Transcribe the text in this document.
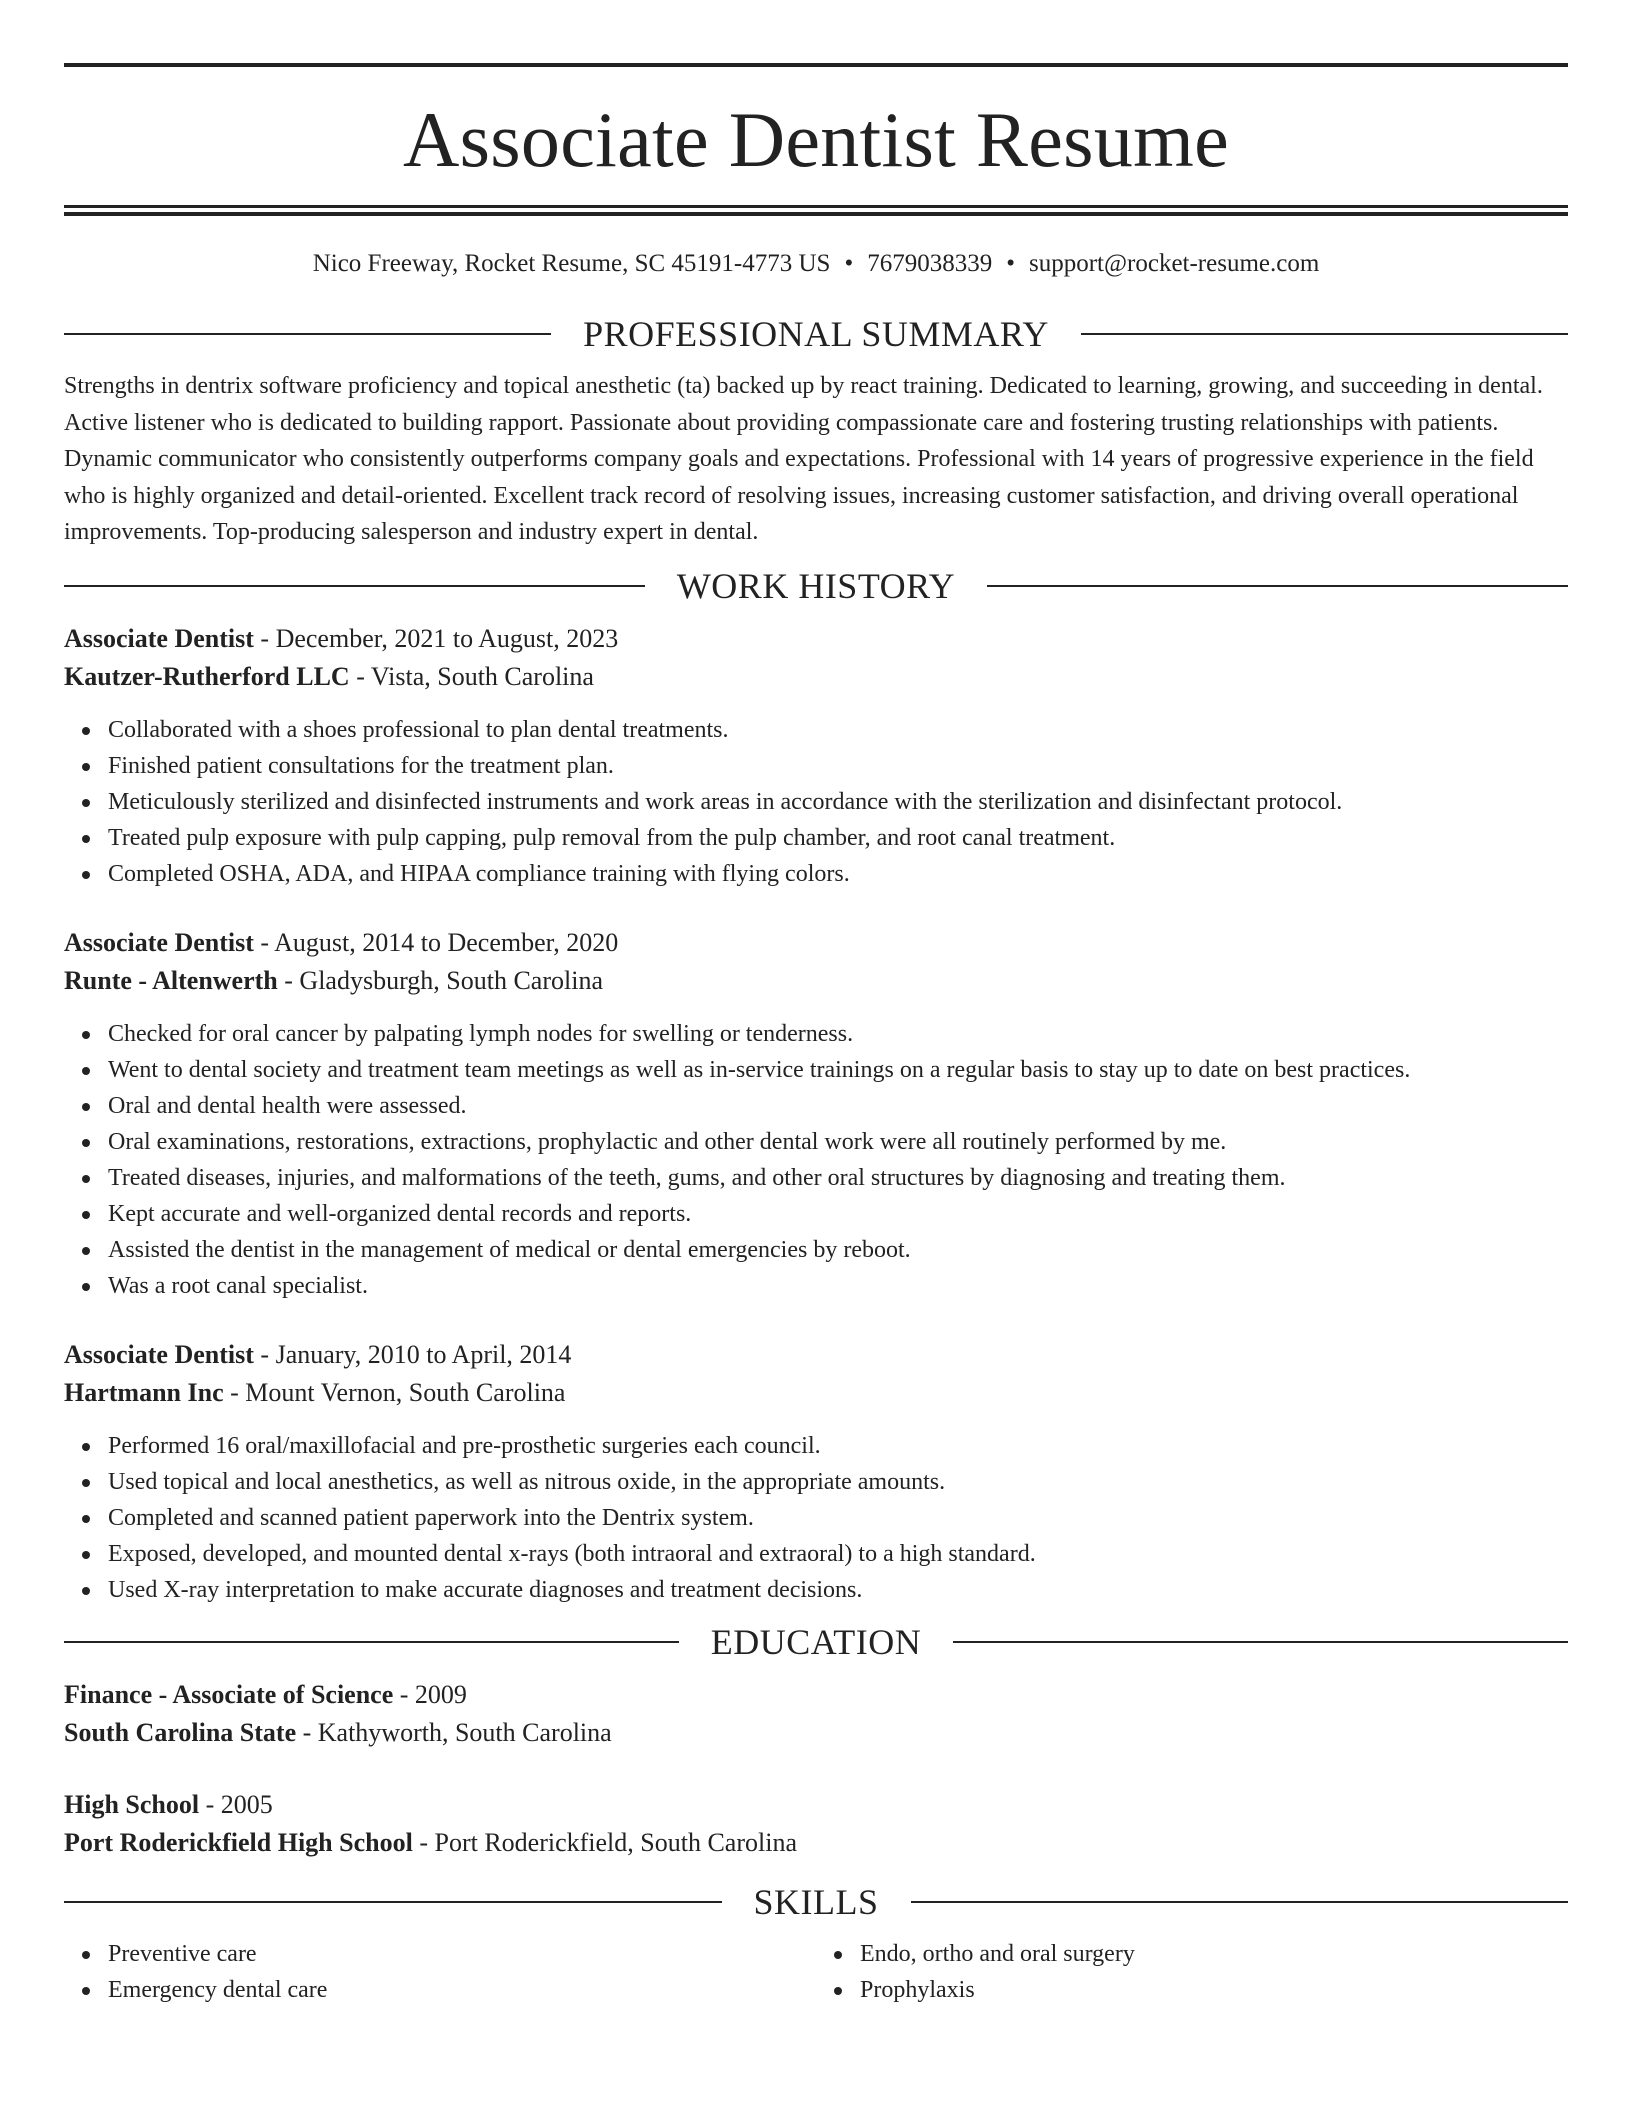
Associate Dentist Resume
Nico Freeway, Rocket Resume, SC 45191-4773 US • 7679038339 • support@rocket-resume.com
PROFESSIONAL SUMMARY

Strengths in dentrix software proficiency and topical anesthetic (ta) backed up by react training. Dedicated to learning, growing, and succeeding in dental. Active listener who is dedicated to building rapport. Passionate about providing compassionate care and fostering trusting relationships with patients. Dynamic communicator who consistently outperforms company goals and expectations. Professional with 14 years of progressive experience in the field who is highly organized and detail-oriented. Excellent track record of resolving issues, increasing customer satisfaction, and driving overall operational improvements. Top-producing salesperson and industry expert in dental.

WORK HISTORY
Associate Dentist - December, 2021 to August, 2023
Kautzer-Rutherford LLC - Vista, South Carolina
Collaborated with a shoes professional to plan dental treatments.
Finished patient consultations for the treatment plan.
Meticulously sterilized and disinfected instruments and work areas in accordance with the sterilization and disinfectant protocol.
Treated pulp exposure with pulp capping, pulp removal from the pulp chamber, and root canal treatment.
Completed OSHA, ADA, and HIPAA compliance training with flying colors.
Associate Dentist - August, 2014 to December, 2020
Runte - Altenwerth - Gladysburgh, South Carolina
Checked for oral cancer by palpating lymph nodes for swelling or tenderness.
Went to dental society and treatment team meetings as well as in-service trainings on a regular basis to stay up to date on best practices.
Oral and dental health were assessed.
Oral examinations, restorations, extractions, prophylactic and other dental work were all routinely performed by me.
Treated diseases, injuries, and malformations of the teeth, gums, and other oral structures by diagnosing and treating them.
Kept accurate and well-organized dental records and reports.
Assisted the dentist in the management of medical or dental emergencies by reboot.
Was a root canal specialist.
Associate Dentist - January, 2010 to April, 2014
Hartmann Inc - Mount Vernon, South Carolina
Performed 16 oral/maxillofacial and pre-prosthetic surgeries each council.
Used topical and local anesthetics, as well as nitrous oxide, in the appropriate amounts.
Completed and scanned patient paperwork into the Dentrix system.
Exposed, developed, and mounted dental x-rays (both intraoral and extraoral) to a high standard.
Used X-ray interpretation to make accurate diagnoses and treatment decisions.
EDUCATION
Finance - Associate of Science - 2009
South Carolina State - Kathyworth, South Carolina
High School - 2005
Port Roderickfield High School - Port Roderickfield, South Carolina
SKILLS
Preventive care
Emergency dental care
Endo, ortho and oral surgery
Prophylaxis
